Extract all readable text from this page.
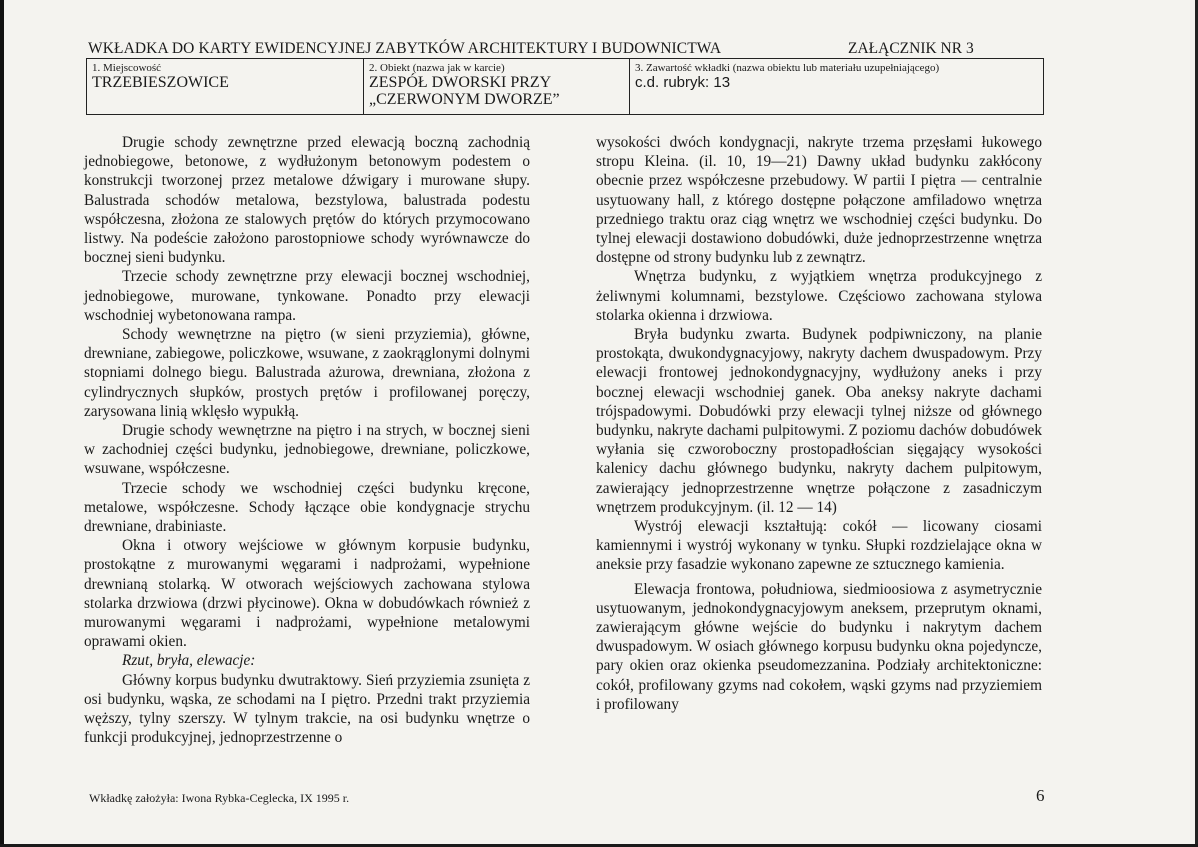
WKŁADKA DO KARTY EWIDENCYJNEJ ZABYTKÓW ARCHITEKTURY I BUDOWNICTWA	ZAŁĄCZNIK NR 3
1. Miejscowość
TRZEBIESZOWICE
2. Obiekt (nazwa jak w karcie)
ZESPÓŁ DWORSKI PRZY
„CZERWONYM DWORZE”
3. Zawartość wkładki (nazwa obiektu lub materiału uzupełniającego)
c.d. rubryk: 13

Drugie schody zewnętrzne przed elewacją boczną zachodnią jednobiegowe, betonowe, z wydłużonym betonowym podestem o konstrukcji tworzonej przez metalowe dźwigary i murowane słupy. Balustrada schodów metalowa, bezstylowa, balustrada podestu współczesna, złożona ze stalowych prętów do których przymocowano listwy. Na podeście założono parostopniowe schody wyrównawcze do bocznej sieni budynku.

Trzecie schody zewnętrzne przy elewacji bocznej wschodniej, jednobiegowe, murowane, tynkowane. Ponadto przy elewacji wschodniej wybetonowana rampa.

Schody wewnętrzne na piętro (w sieni przyziemia), główne, drewniane, zabiegowe, policzkowe, wsuwane, z zaokrąglonymi dolnymi stopniami dolnego biegu. Balustrada ażurowa, drewniana, złożona z cylindrycznych słupków, prostych prętów i profilowanej poręczy, zarysowana linią wklęsło wypukłą.

Drugie schody wewnętrzne na piętro i na strych, w bocznej sieni w zachodniej części budynku, jednobiegowe, drewniane, policzkowe, wsuwane, współczesne.

Trzecie schody we wschodniej części budynku kręcone, metalowe, współczesne. Schody łączące obie kondygnacje strychu drewniane, drabiniaste.

Okna i otwory wejściowe w głównym korpusie budynku, prostokątne z murowanymi węgarami i nadprożami, wypełnione drewnianą stolarką. W otworach wejściowych zachowana stylowa stolarka drzwiowa (drzwi płycinowe). Okna w dobudówkach również z murowanymi węgarami i nadprożami, wypełnione metalowymi oprawami okien.

Rzut, bryła, elewacje:

Główny korpus budynku dwutraktowy. Sień przyziemia zsunięta z osi budynku, wąska, ze schodami na I piętro. Przedni trakt przyziemia węższy, tylny szerszy. W tylnym trakcie, na osi budynku wnętrze o funkcji produkcyjnej, jednoprzestrzenne o

wysokości dwóch kondygnacji, nakryte trzema przęsłami łukowego stropu Kleina. (il. 10, 19—21) Dawny układ budynku zakłócony obecnie przez współczesne przebudowy. W partii I piętra — centralnie usytuowany hall, z którego dostępne połączone amfiladowo wnętrza przedniego traktu oraz ciąg wnętrz we wschodniej części budynku. Do tylnej elewacji dostawiono dobudówki, duże jednoprzestrzenne wnętrza dostępne od strony budynku lub z zewnątrz.

Wnętrza budynku, z wyjątkiem wnętrza produkcyjnego z żeliwnymi kolumnami, bezstylowe. Częściowo zachowana stylowa stolarka okienna i drzwiowa.

Bryła budynku zwarta. Budynek podpiwniczony, na planie prostokąta, dwukondygnacyjowy, nakryty dachem dwuspadowym. Przy elewacji frontowej jednokondygnacyjny, wydłużony aneks i przy bocznej elewacji wschodniej ganek. Oba aneksy nakryte dachami trójspadowymi. Dobudówki przy elewacji tylnej niższe od głównego budynku, nakryte dachami pulpitowymi. Z poziomu dachów dobudówek wyłania się czworoboczny prostopadłościan sięgający wysokości kalenicy dachu głównego budynku, nakryty dachem pulpitowym, zawierający jednoprzestrzenne wnętrze połączone z zasadniczym wnętrzem produkcyjnym. (il. 12 — 14)

Wystrój elewacji kształtują: cokół — licowany ciosami kamiennymi i wystrój wykonany w tynku. Słupki rozdzielające okna w aneksie przy fasadzie wykonano zapewne ze sztucznego kamienia.

Elewacja frontowa, południowa, siedmioosiowa z asymetrycznie usytuowanym, jednokondygnacyjowym aneksem, przeprutym oknami, zawierającym główne wejście do budynku i nakrytym dachem dwuspadowym. W osiach głównego korpusu budynku okna pojedyncze, pary okien oraz okienka pseudomezzanina. Podziały architektoniczne: cokół, profilowany gzyms nad cokołem, wąski gzyms nad przyziemiem i profilowany

Wkładkę założyła: Iwona Rybka-Ceglecka, IX 1995 r.	6
